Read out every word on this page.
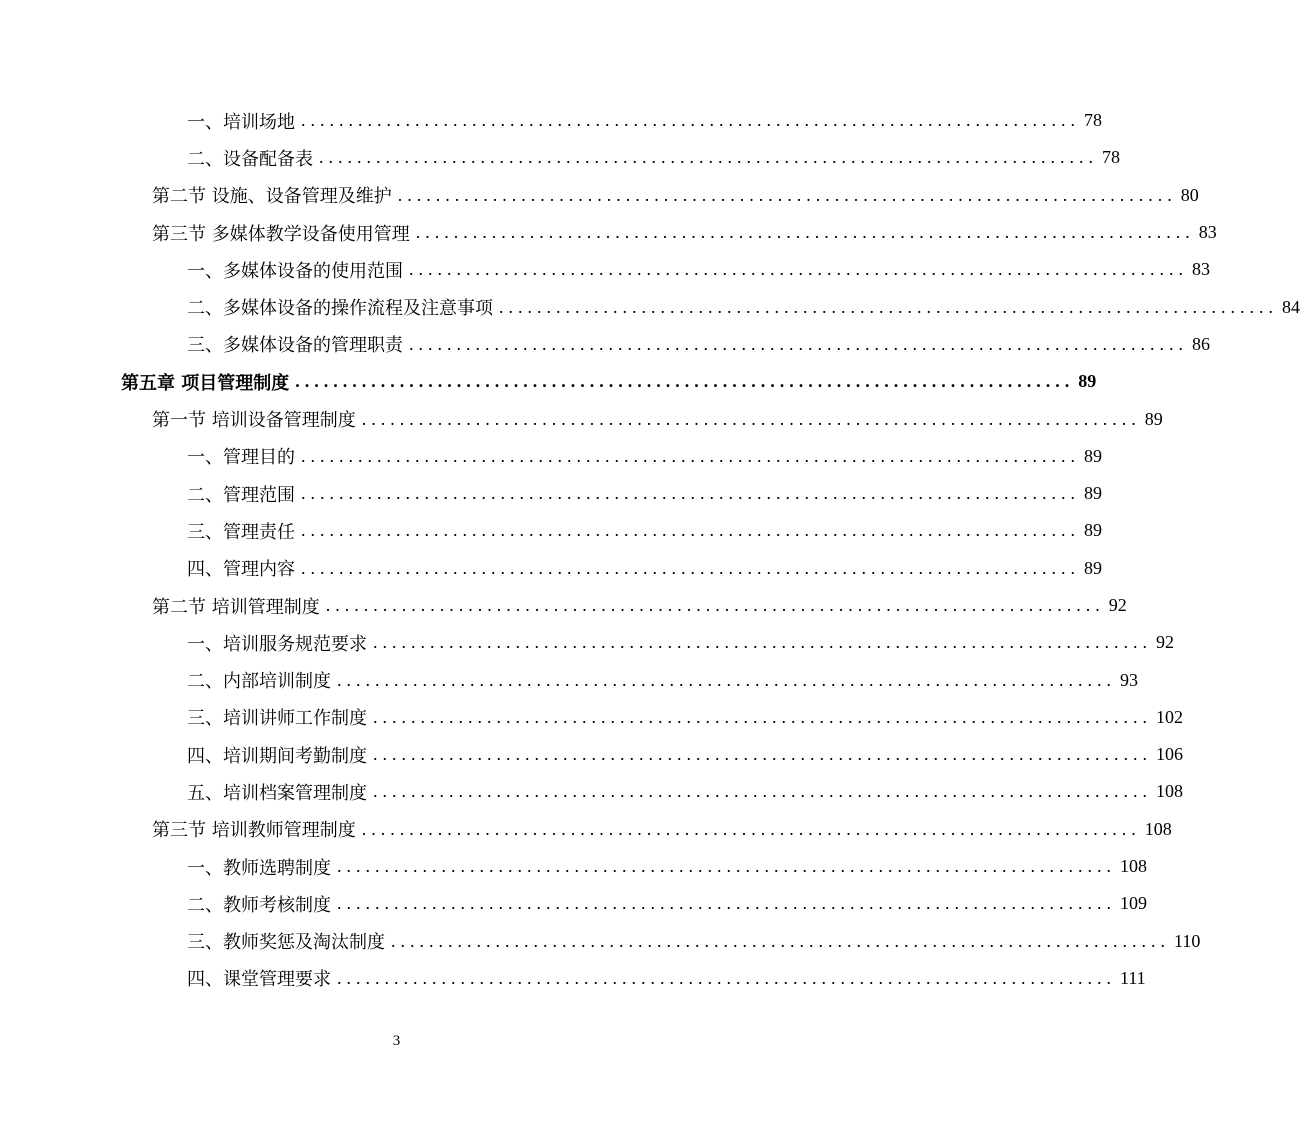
一、培训场地 .................................................................................. 78
二、设备配备表 .................................................................................. 78
第二节 设施、设备管理及维护 .................................................................................. 80
第三节 多媒体教学设备使用管理 .................................................................................. 83
一、多媒体设备的使用范围 .................................................................................. 83
二、多媒体设备的操作流程及注意事项 .................................................................................. 84
三、多媒体设备的管理职责 .................................................................................. 86
第五章 项目管理制度 .................................................................................. 89
第一节 培训设备管理制度 .................................................................................. 89
一、管理目的 .................................................................................. 89
二、管理范围 .................................................................................. 89
三、管理责任 .................................................................................. 89
四、管理内容 .................................................................................. 89
第二节 培训管理制度 .................................................................................. 92
一、培训服务规范要求 .................................................................................. 92
二、内部培训制度 .................................................................................. 93
三、培训讲师工作制度 .................................................................................. 102
四、培训期间考勤制度 .................................................................................. 106
五、培训档案管理制度 .................................................................................. 108
第三节 培训教师管理制度 .................................................................................. 108
一、教师选聘制度 .................................................................................. 108
二、教师考核制度 .................................................................................. 109
三、教师奖惩及淘汰制度 .................................................................................. 110
四、课堂管理要求 .................................................................................. 111
3
